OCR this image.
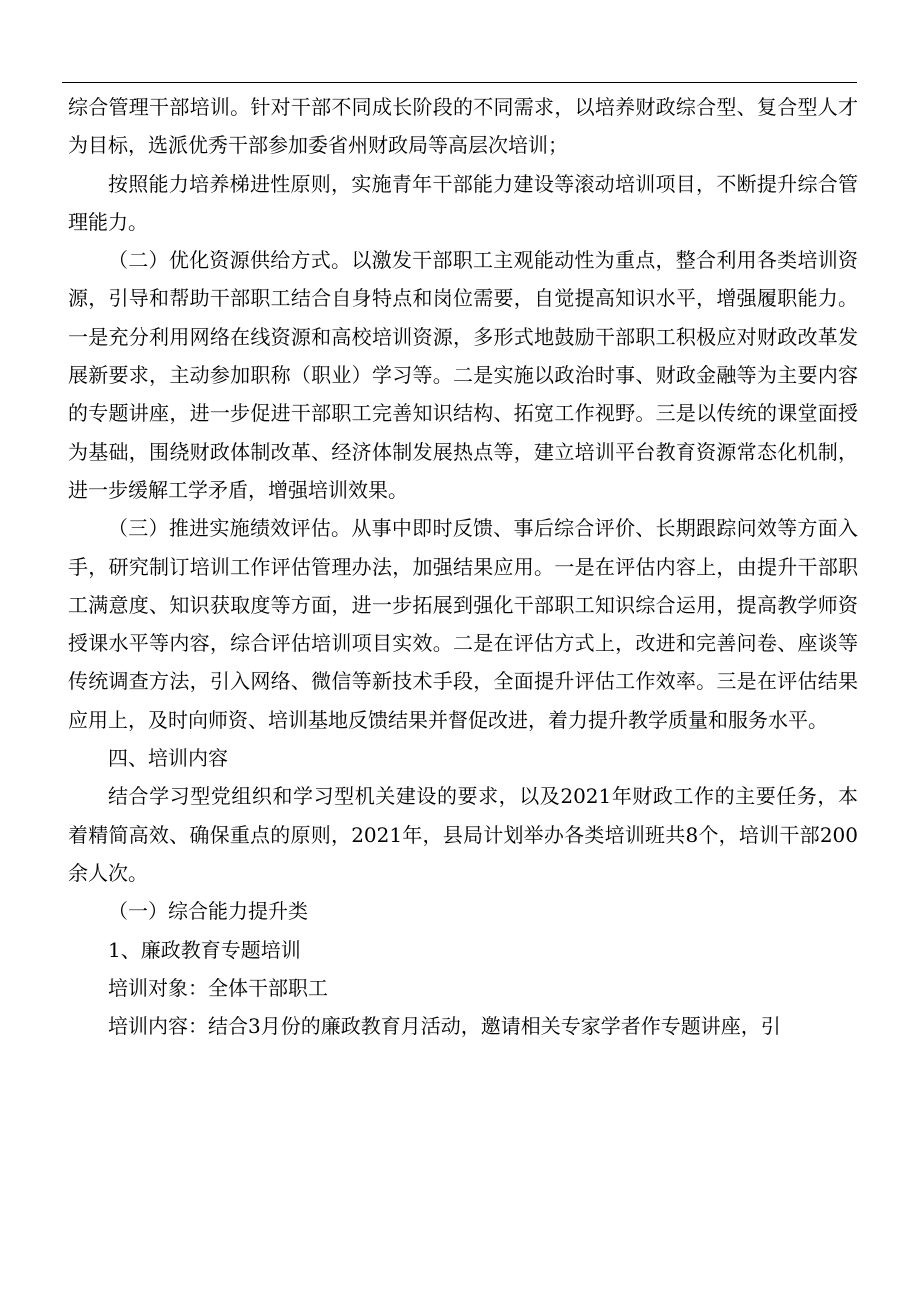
综合管理干部培训。针对干部不同成长阶段的不同需求，以培养财政综合型、复合型人才为目标，选派优秀干部参加委省州财政局等高层次培训；

按照能力培养梯进性原则，实施青年干部能力建设等滚动培训项目，不断提升综合管理能力。

（二）优化资源供给方式。以激发干部职工主观能动性为重点，整合利用各类培训资源，引导和帮助干部职工结合自身特点和岗位需要，自觉提高知识水平，增强履职能力。一是充分利用网络在线资源和高校培训资源，多形式地鼓励干部职工积极应对财政改革发展新要求，主动参加职称（职业）学习等。二是实施以政治时事、财政金融等为主要内容的专题讲座，进一步促进干部职工完善知识结构、拓宽工作视野。三是以传统的课堂面授为基础，围绕财政体制改革、经济体制发展热点等，建立培训平台教育资源常态化机制，进一步缓解工学矛盾，增强培训效果。

（三）推进实施绩效评估。从事中即时反馈、事后综合评价、长期跟踪问效等方面入手，研究制订培训工作评估管理办法，加强结果应用。一是在评估内容上，由提升干部职工满意度、知识获取度等方面，进一步拓展到强化干部职工知识综合运用，提高教学师资授课水平等内容，综合评估培训项目实效。二是在评估方式上，改进和完善问卷、座谈等传统调查方法，引入网络、微信等新技术手段，全面提升评估工作效率。三是在评估结果应用上，及时向师资、培训基地反馈结果并督促改进，着力提升教学质量和服务水平。

四、培训内容

结合学习型党组织和学习型机关建设的要求，以及2021年财政工作的主要任务，本着精简高效、确保重点的原则，2021年，县局计划举办各类培训班共8个，培训干部200余人次。

（一）综合能力提升类

1、廉政教育专题培训

培训对象：全体干部职工

培训内容：结合3月份的廉政教育月活动，邀请相关专家学者作专题讲座，引
